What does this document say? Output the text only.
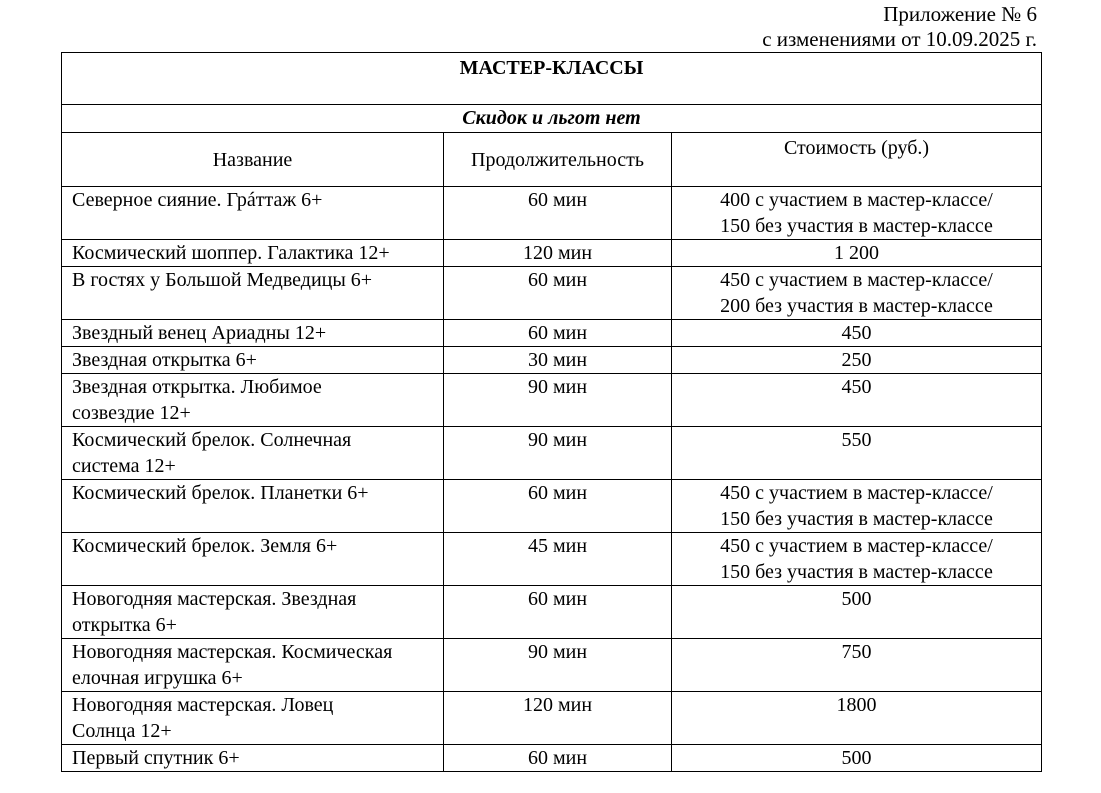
Приложение № 6
с изменениями от 10.09.2025 г.
МАСТЕР-КЛАССЫ		
Скидок и льгот нет		
Название	Продолжительность	Стоимость (руб.)

Северное сияние. Грáттаж 6+	60 мин	400 с участием в мастер-классе/
150 без участия в мастер-классе

Космический шоппер. Галактика 12+	120 мин	1 200

В гостях у Большой Медведицы 6+	60 мин	450 с участием в мастер-классе/
200 без участия в мастер-классе

Звездный венец Ариадны 12+	60 мин	450

Звездная открытка 6+	30 мин	250

Звездная открытка. Любимое
созвездие 12+	90 мин	450

Космический брелок. Солнечная
система 12+	90 мин	550

Космический брелок. Планетки 6+	60 мин	450 с участием в мастер-классе/
150 без участия в мастер-классе

Космический брелок. Земля 6+	45 мин	450 с участием в мастер-классе/
150 без участия в мастер-классе

Новогодняя мастерская. Звездная
открытка 6+	60 мин	500

Новогодняя мастерская. Космическая
елочная игрушка 6+	90 мин	750

Новогодняя мастерская. Ловец
Солнца 12+	120 мин	1800

Первый спутник 6+	60 мин	500
